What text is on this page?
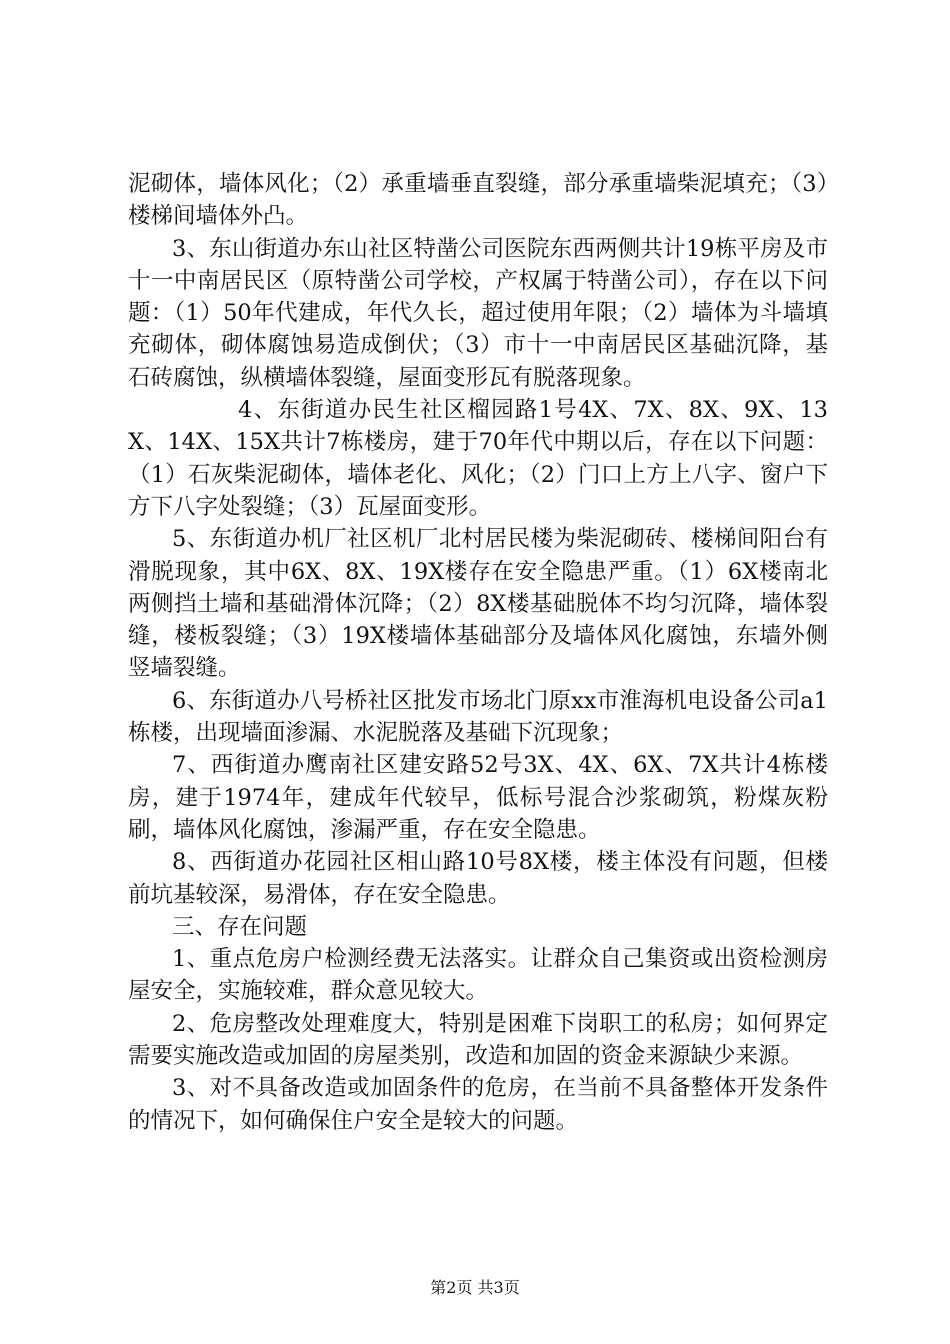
泥砌体，墙体风化；（2）承重墙垂直裂缝，部分承重墙柴泥填充；（3）楼梯间墙体外凸。

3、东山街道办东山社区特凿公司医院东西两侧共计19栋平房及市十一中南居民区（原特凿公司学校，产权属于特凿公司），存在以下问题：（1）50年代建成，年代久长，超过使用年限；（2）墙体为斗墙填充砌体，砌体腐蚀易造成倒伏；（3）市十一中南居民区基础沉降，基石砖腐蚀，纵横墙体裂缝，屋面变形瓦有脱落现象。

4、东街道办民生社区榴园路1号4X、7X、8X、9X、13X、14X、15X共计7栋楼房，建于70年代中期以后，存在以下问题：（1）石灰柴泥砌体，墙体老化、风化；（2）门口上方上八字、窗户下方下八字处裂缝；（3）瓦屋面变形。

5、东街道办机厂社区机厂北村居民楼为柴泥砌砖、楼梯间阳台有滑脱现象，其中6X、8X、19X楼存在安全隐患严重。（1）6X楼南北两侧挡土墙和基础滑体沉降；（2）8X楼基础脱体不均匀沉降，墙体裂缝，楼板裂缝；（3）19X楼墙体基础部分及墙体风化腐蚀，东墙外侧竖墙裂缝。

6、东街道办八号桥社区批发市场北门原xx市淮海机电设备公司a1栋楼，出现墙面渗漏、水泥脱落及基础下沉现象；

7、西街道办鹰南社区建安路52号3X、4X、6X、7X共计4栋楼房，建于1974年，建成年代较早，低标号混合沙浆砌筑，粉煤灰粉刷，墙体风化腐蚀，渗漏严重，存在安全隐患。

8、西街道办花园社区相山路10号8X楼，楼主体没有问题，但楼前坑基较深，易滑体，存在安全隐患。

三、存在问题

1、重点危房户检测经费无法落实。让群众自己集资或出资检测房屋安全，实施较难，群众意见较大。

2、危房整改处理难度大，特别是困难下岗职工的私房；如何界定需要实施改造或加固的房屋类别，改造和加固的资金来源缺少来源。

3、对不具备改造或加固条件的危房，在当前不具备整体开发条件的情况下，如何确保住户安全是较大的问题。

第2页 共3页
